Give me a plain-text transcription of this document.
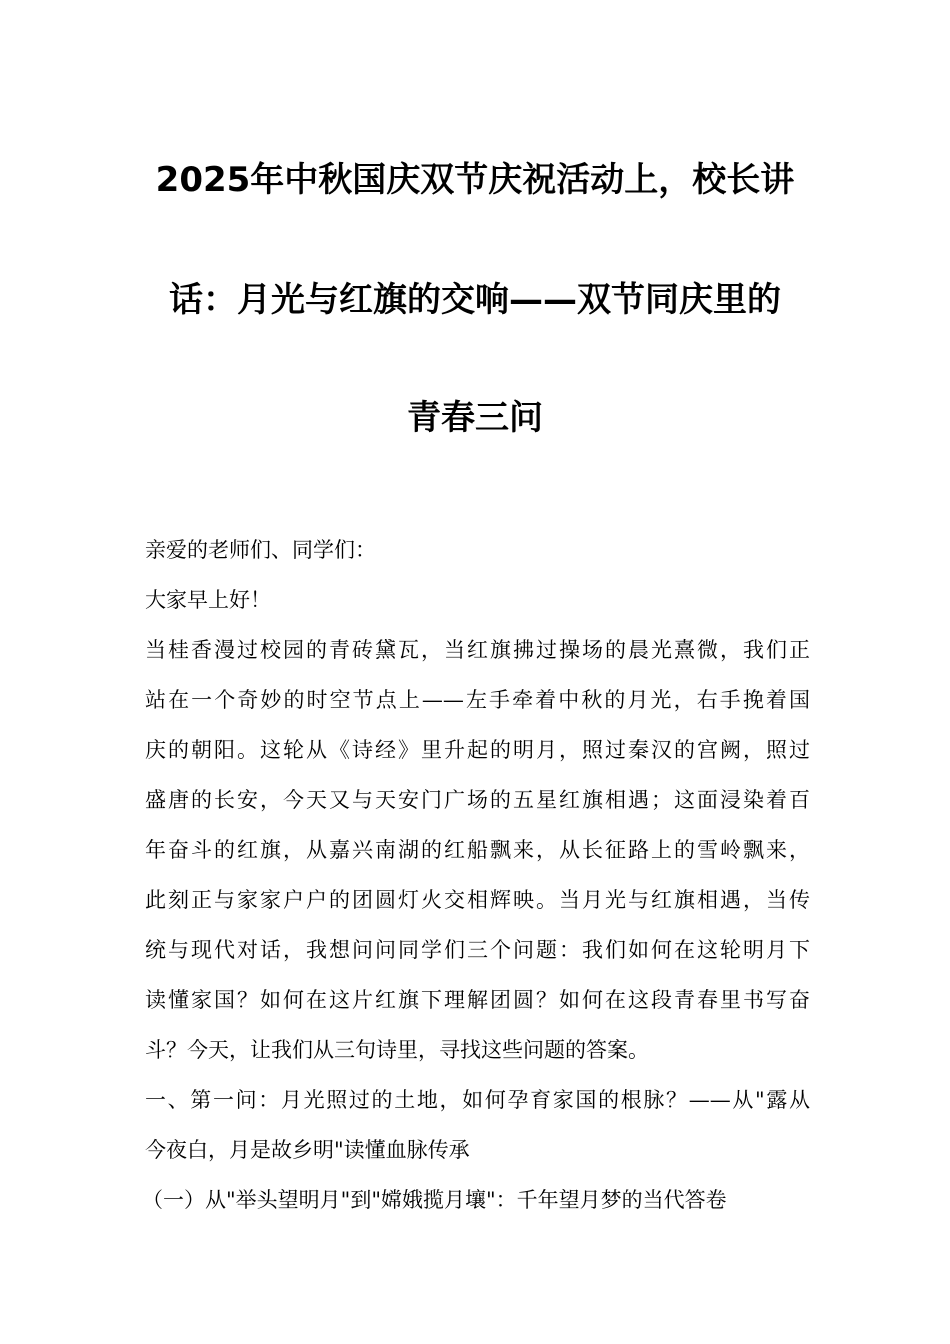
2025年中秋国庆双节庆祝活动上，校长讲
话：月光与红旗的交响——双节同庆里的
青春三问
亲爱的老师们、同学们：
大家早上好！
当桂香漫过校园的青砖黛瓦，当红旗拂过操场的晨光熹微，我们正
站在一个奇妙的时空节点上——左手牵着中秋的月光，右手挽着国
庆的朝阳。这轮从《诗经》里升起的明月，照过秦汉的宫阙，照过
盛唐的长安，今天又与天安门广场的五星红旗相遇；这面浸染着百
年奋斗的红旗，从嘉兴南湖的红船飘来，从长征路上的雪岭飘来，
此刻正与家家户户的团圆灯火交相辉映。当月光与红旗相遇，当传
统与现代对话，我想问问同学们三个问题：我们如何在这轮明月下
读懂家国？如何在这片红旗下理解团圆？如何在这段青春里书写奋
斗？今天，让我们从三句诗里，寻找这些问题的答案。
一、第一问：月光照过的土地，如何孕育家国的根脉？——从"露从
今夜白，月是故乡明"读懂血脉传承
（一）从"举头望明月"到"嫦娥揽月壤"：千年望月梦的当代答卷
